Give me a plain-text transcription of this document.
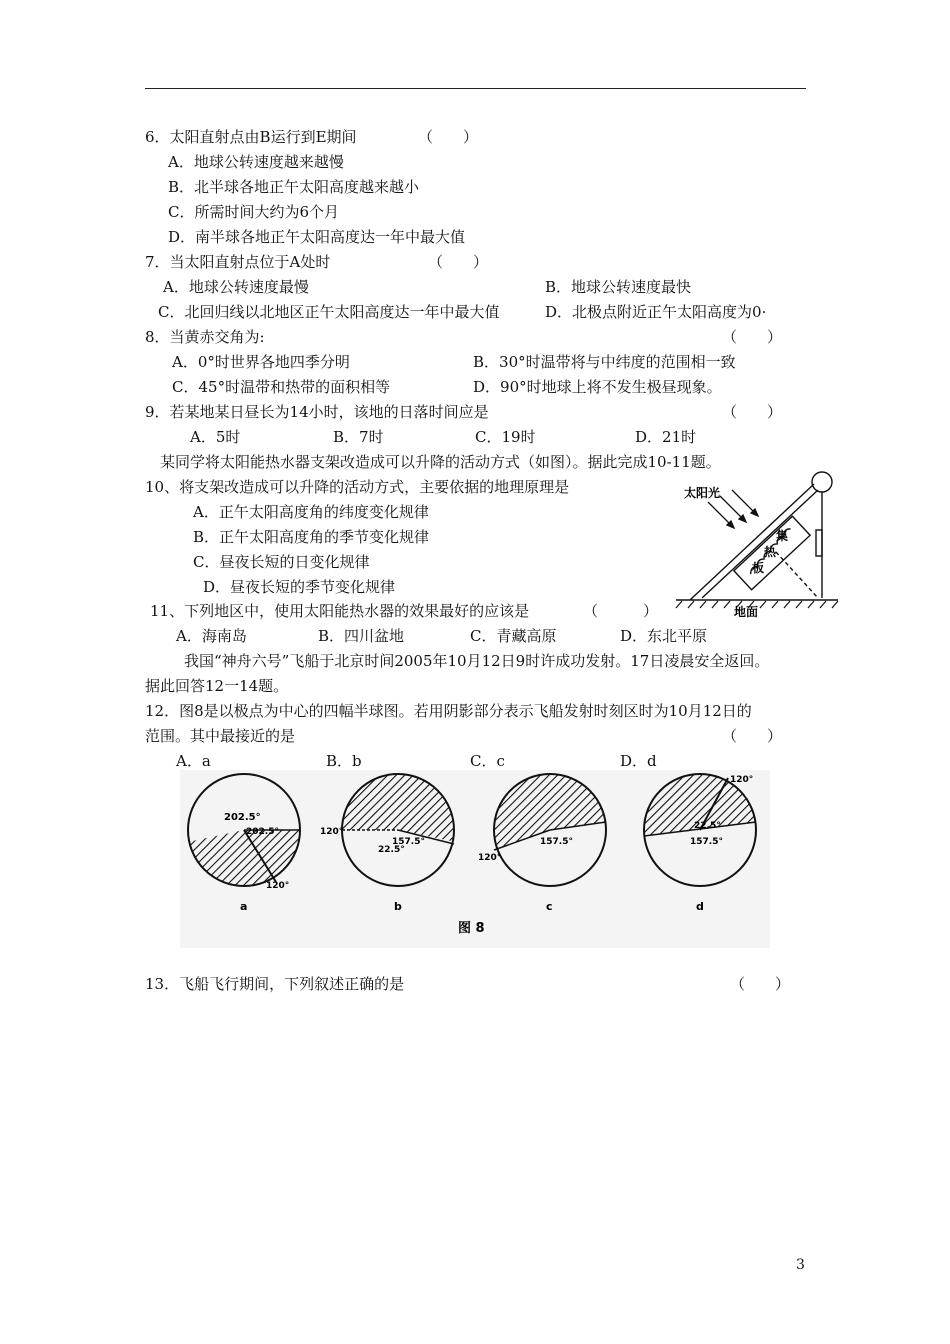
6．太阳直射点由B运行到E期间	（　　）
A．地球公转速度越来越慢
B．北半球各地正午太阳高度越来越小
C．所需时间大约为6个月
D．南半球各地正午太阳高度达一年中最大值
7．当太阳直射点位于A处时	（　　）
A．地球公转速度最慢	B．地球公转速度最快
C．北回归线以北地区正午太阳高度达一年中最大值	D．北极点附近正午太阳高度为0·
8．当黄赤交角为:	（　　）
A．0°时世界各地四季分明	B．30°时温带将与中纬度的范围相一致
C．45°时温带和热带的面积相等	D．90°时地球上将不发生极昼现象。
9．若某地某日昼长为14小时，该地的日落时间应是	（　　）
A．5时	B．7时	C．19时	D．21时
某同学将太阳能热水器支架改造成可以升降的活动方式（如图）。据此完成10-11题。
10、将支架改造成可以升降的活动方式，主要依据的地理原理是
A．正午太阳高度角的纬度变化规律
B．正午太阳高度角的季节变化规律
C．昼夜长短的日变化规律
D．昼夜长短的季节变化规律
太阳光
集
热
板
地面
11、下列地区中，使用太阳能热水器的效果最好的应该是	（　　　）
A．海南岛	B．四川盆地	C．青藏高原	D．东北平原
我国“神舟六号”飞船于北京时间2005年10月12日9时许成功发射。17日凌晨安全返回。
据此回答12一14题。
12．图8是以极点为中心的四幅半球图。若用阴影部分表示飞船发射时刻区时为10月12日的
范围。其中最接近的是	（　　）
A．a	B．b	C．c	D．d
202.5°
202.5°
120°
a
120°
157.5°
22.5°
b
120°
157.5°
c
120°
22.5°
157.5°
d
图 8
13．飞船飞行期间，下列叙述正确的是	（　　）
3
